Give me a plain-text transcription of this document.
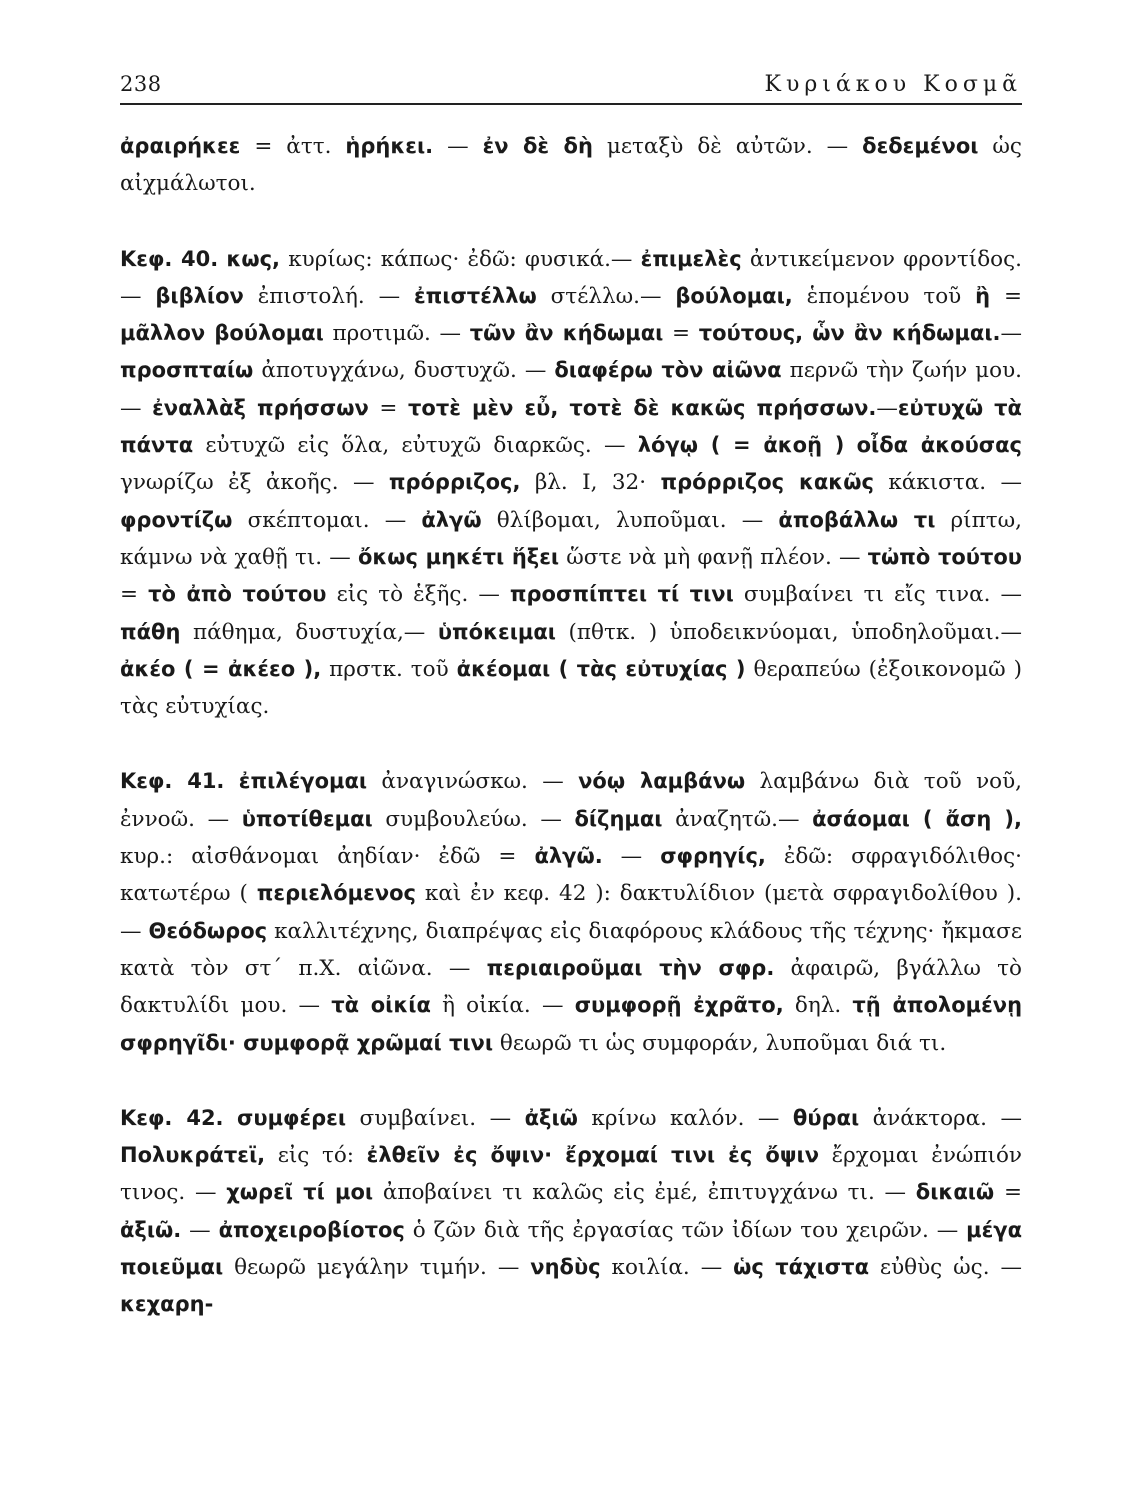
238	Κυριάκου Κοσμᾶ

ἀραιρήκεε = ἀττ. ἡρήκει. — ἐν δὲ δὴ μεταξὺ δὲ αὐτῶν. — δεδεμένοι ὡς αἰχμάλωτοι.

Κεφ. 40. κως, κυρίως: κάπως· ἐδῶ: φυσικά.— ἐπιμελὲς ἀντικείμενον φροντίδος. — βιβλίον ἐπιστολή. — ἐπιστέλλω στέλλω.— βούλομαι, ἑπομένου τοῦ ἢ = μᾶλλον βούλομαι προτιμῶ. — τῶν ἂν κήδωμαι = τούτους, ὧν ἂν κήδωμαι.— προσπταίω ἀποτυγχάνω, δυστυχῶ. — διαφέρω τὸν αἰῶνα περνῶ τὴν ζωήν μου. — ἐναλλὰξ πρήσσων = τοτὲ μὲν εὖ, τοτὲ δὲ κακῶς πρήσσων.—εὐτυχῶ τὰ πάντα εὐτυχῶ εἰς ὅλα, εὐτυχῶ διαρκῶς. — λόγῳ ( = ἀκοῇ ) οἶδα ἀκούσας γνωρίζω ἐξ ἀκοῆς. — πρόρριζος, βλ. I, 32· πρόρριζος κακῶς κάκιστα. — φροντίζω σκέπτομαι. — ἀλγῶ θλίβομαι, λυποῦμαι. — ἀποβάλλω τι ρίπτω, κάμνω νὰ χαθῇ τι. — ὄκως μηκέτι ἥξει ὥστε νὰ μὴ φανῇ πλέον. — τὠπὸ τούτου = τὸ ἀπὸ τούτου εἰς τὸ ἑξῆς. — προσπίπτει τί τινι συμβαίνει τι εἴς τινα. — πάθη πάθημα, δυστυχία,— ὑπόκειμαι (πθτκ. ) ὑποδεικνύομαι, ὑποδηλοῦμαι.— ἀκέο ( = ἀκέεο ), πρστκ. τοῦ ἀκέομαι ( τὰς εὐτυχίας ) θεραπεύω (ἐξοικονομῶ ) τὰς εὐτυχίας.

Κεφ. 41. ἐπιλέγομαι ἀναγινώσκω. — νόῳ λαμβάνω λαμβάνω διὰ τοῦ νοῦ, ἐννοῶ. — ὑποτίθεμαι συμβουλεύω. — δίζημαι ἀναζητῶ.— ἀσάομαι ( ἄση ), κυρ.: αἰσθάνομαι ἀηδίαν· ἐδῶ = ἀλγῶ. — σφρηγίς, ἐδῶ: σφραγιδόλιθος· κατωτέρω ( περιελόμενος καὶ ἐν κεφ. 42 ): δακτυλίδιον (μετὰ σφραγιδολίθου ). — Θεόδωρος καλλιτέχνης, διαπρέψας εἰς διαφόρους κλάδους τῆς τέχνης· ἤκμασε κατὰ τὸν στ΄ π.Χ. αἰῶνα. — περιαιροῦμαι τὴν σφρ. ἀφαιρῶ, βγάλλω τὸ δακτυλίδι μου. — τὰ οἰκία ἢ οἰκία. — συμφορῇ ἐχρᾶτο, δηλ. τῇ ἀπολομένῃ σφρηγῖδι· συμφορᾷ χρῶμαί τινι θεωρῶ τι ὡς συμφοράν, λυποῦμαι διά τι.

Κεφ. 42. συμφέρει συμβαίνει. — ἀξιῶ κρίνω καλόν. — θύραι ἀνάκτορα. — Πολυκράτεϊ, εἰς τό: ἐλθεῖν ἐς ὄψιν· ἔρχομαί τινι ἐς ὄψιν ἔρχομαι ἐνώπιόν τινος. — χωρεῖ τί μοι ἀποβαίνει τι καλῶς εἰς ἐμέ, ἐπιτυγχάνω τι. — δικαιῶ = ἀξιῶ. — ἀποχειροβίοτος ὁ ζῶν διὰ τῆς ἐργασίας τῶν ἰδίων του χειρῶν. — μέγα ποιεῦμαι θεωρῶ μεγάλην τιμήν. — νηδὺς κοιλία. — ὡς τάχιστα εὐθὺς ὡς. — κεχαρη-
